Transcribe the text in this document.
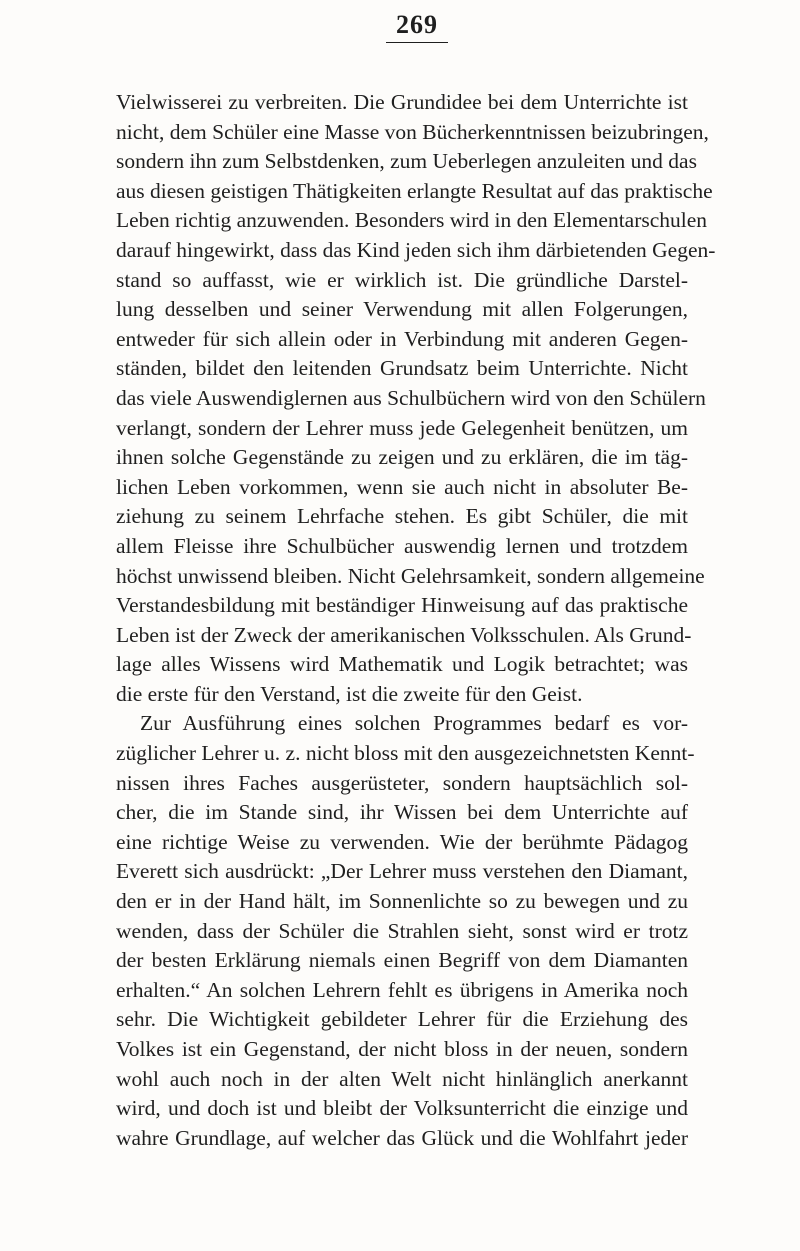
269
Vielwisserei zu verbreiten. Die Grundidee bei dem Unterrichte ist
nicht, dem Schüler eine Masse von Bücherkenntnissen beizubringen,
sondern ihn zum Selbstdenken, zum Ueberlegen anzuleiten und das
aus diesen geistigen Thätigkeiten erlangte Resultat auf das praktische
Leben richtig anzuwenden. Besonders wird in den Elementarschulen
darauf hingewirkt, dass das Kind jeden sich ihm därbietenden Gegen-
stand so auffasst, wie er wirklich ist. Die gründliche Darstel-
lung desselben und seiner Verwendung mit allen Folgerungen,
entweder für sich allein oder in Verbindung mit anderen Gegen-
ständen, bildet den leitenden Grundsatz beim Unterrichte. Nicht
das viele Auswendiglernen aus Schulbüchern wird von den Schülern
verlangt, sondern der Lehrer muss jede Gelegenheit benützen, um
ihnen solche Gegenstände zu zeigen und zu erklären, die im täg-
lichen Leben vorkommen, wenn sie auch nicht in absoluter Be-
ziehung zu seinem Lehrfache stehen. Es gibt Schüler, die mit
allem Fleisse ihre Schulbücher auswendig lernen und trotzdem
höchst unwissend bleiben. Nicht Gelehrsamkeit, sondern allgemeine
Verstandesbildung mit beständiger Hinweisung auf das praktische
Leben ist der Zweck der amerikanischen Volksschulen. Als Grund-
lage alles Wissens wird Mathematik und Logik betrachtet; was
die erste für den Verstand, ist die zweite für den Geist.
Zur Ausführung eines solchen Programmes bedarf es vor-
züglicher Lehrer u. z. nicht bloss mit den ausgezeichnetsten Kennt-
nissen ihres Faches ausgerüsteter, sondern hauptsächlich sol-
cher, die im Stande sind, ihr Wissen bei dem Unterrichte auf
eine richtige Weise zu verwenden. Wie der berühmte Pädagog
Everett sich ausdrückt: „Der Lehrer muss verstehen den Diamant,
den er in der Hand hält, im Sonnenlichte so zu bewegen und zu
wenden, dass der Schüler die Strahlen sieht, sonst wird er trotz
der besten Erklärung niemals einen Begriff von dem Diamanten
erhalten.“ An solchen Lehrern fehlt es übrigens in Amerika noch
sehr. Die Wichtigkeit gebildeter Lehrer für die Erziehung des
Volkes ist ein Gegenstand, der nicht bloss in der neuen, sondern
wohl auch noch in der alten Welt nicht hinlänglich anerkannt
wird, und doch ist und bleibt der Volksunterricht die einzige und
wahre Grundlage, auf welcher das Glück und die Wohlfahrt jeder
